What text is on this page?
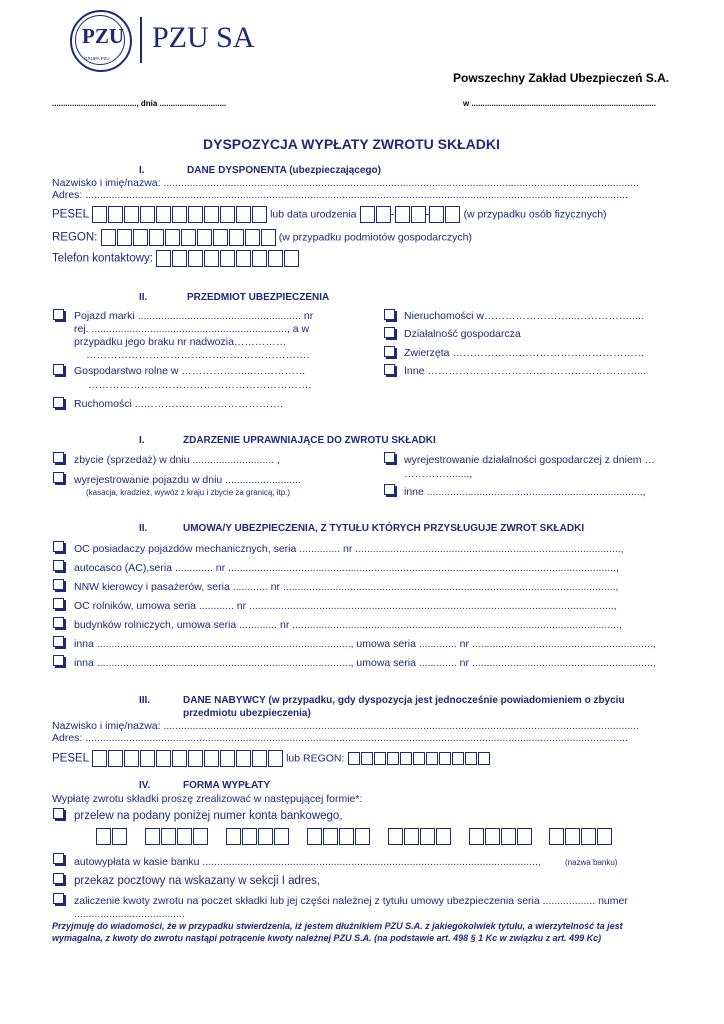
PZU
GRUPA PZU
PZU SA
Powszechny Zakład Ubezpieczeń S.A.
......................................, dnia ..............................	w ...................................................................................
DYSPOZYCJA WYPŁATY ZWROTU SKŁADKI
I.	DANE DYSPONENTA (ubezpieczającego)
Nazwisko i imię/nazwa: ...................................................................................................................................................................
Adres: ..........................................................................................................................................................................................
PESEL	lub data urodzenia	-	-	(w przypadku osób fizycznych)
REGON:	(w przypadku podmiotów gospodarczych)
Telefon kontaktowy:
II.	PRZEDMIOT UBEZPIECZENIA
Pojazd marki ........................................................ nr
rej. ..................................................................., a w
przypadku jego braku nr nadwozia……………
……………………………………………………….
Gospodarstwo rolne w ………………...……………
……………………………………………………….
Ruchomości ...………………………………….
Nieruchomości w……………………...…………….....
Działalność gospodarcza
Zwierzęta ……………….………………………………
Inne ……………………………………………………...
I.	ZDARZENIE UPRAWNIAJĄCE DO ZWROTU SKŁADKI
zbycie (sprzedaż) w dniu ............................ ,
wyrejestrowanie pojazdu w dniu ..........................
(kasacja, kradzież, wywóz z kraju i zbycie za granicą, itp.)
wyrejestrowanie działalności gospodarczej z dniem …
…………........,
inne ..........................................................................,
II.	UMOWA/Y UBEZPIECZENIA, Z TYTUŁU KTÓRYCH PRZYSŁUGUJE ZWROT SKŁADKI
OC posiadaczy pojazdów mechanicznych, seria .............. nr ...........................................................................................,
autocasco (AC),seria ............. nr .....................................................................................................................................,
NNW kierowcy i pasażerów, seria ............ nr ..................................................................................................................,
OC rolników, umowa seria ............ nr .............................................................................................................................,
budynków rolniczych, umowa seria ............. nr ................................................................................................................,
inna ......................................................................................., umowa seria ............. nr ..............................................................,
inna ......................................................................................., umowa seria ............. nr ..............................................................,
III.	DANE NABYWCY (w przypadku, gdy dyspozycja jest jednocześnie powiadomieniem o zbyciu
przedmiotu ubezpieczenia)
Nazwisko i imię/nazwa: ...................................................................................................................................................................
Adres: ..........................................................................................................................................................................................
PESEL	lub REGON:
IV.	FORMA WYPŁATY
Wypłatę zwrotu składki proszę zrealizować w następującej formie*:
przelew na podany poniżej numer konta bankowego,

autowypłata w kasie banku ...................................................................................................................,	(nazwa banku)
przekaz pocztowy na wskazany w sekcji I adres,
zaliczenie kwoty zwrotu na poczet składki lub jej części należnej z tytułu umowy ubezpieczenia seria .................. numer
......................................
Przyjmuję do wiadomości, że w przypadku stwierdzenia, iż jestem dłużnikiem PZU S.A. z jakiegokolwiek tytułu, a wierzytelność ta jest
wymagalna, z kwoty do zwrotu nastąpi potrącenie kwoty należnej PZU S.A. (na podstawie art. 498 § 1 Kc w związku z art. 499 Kc)
